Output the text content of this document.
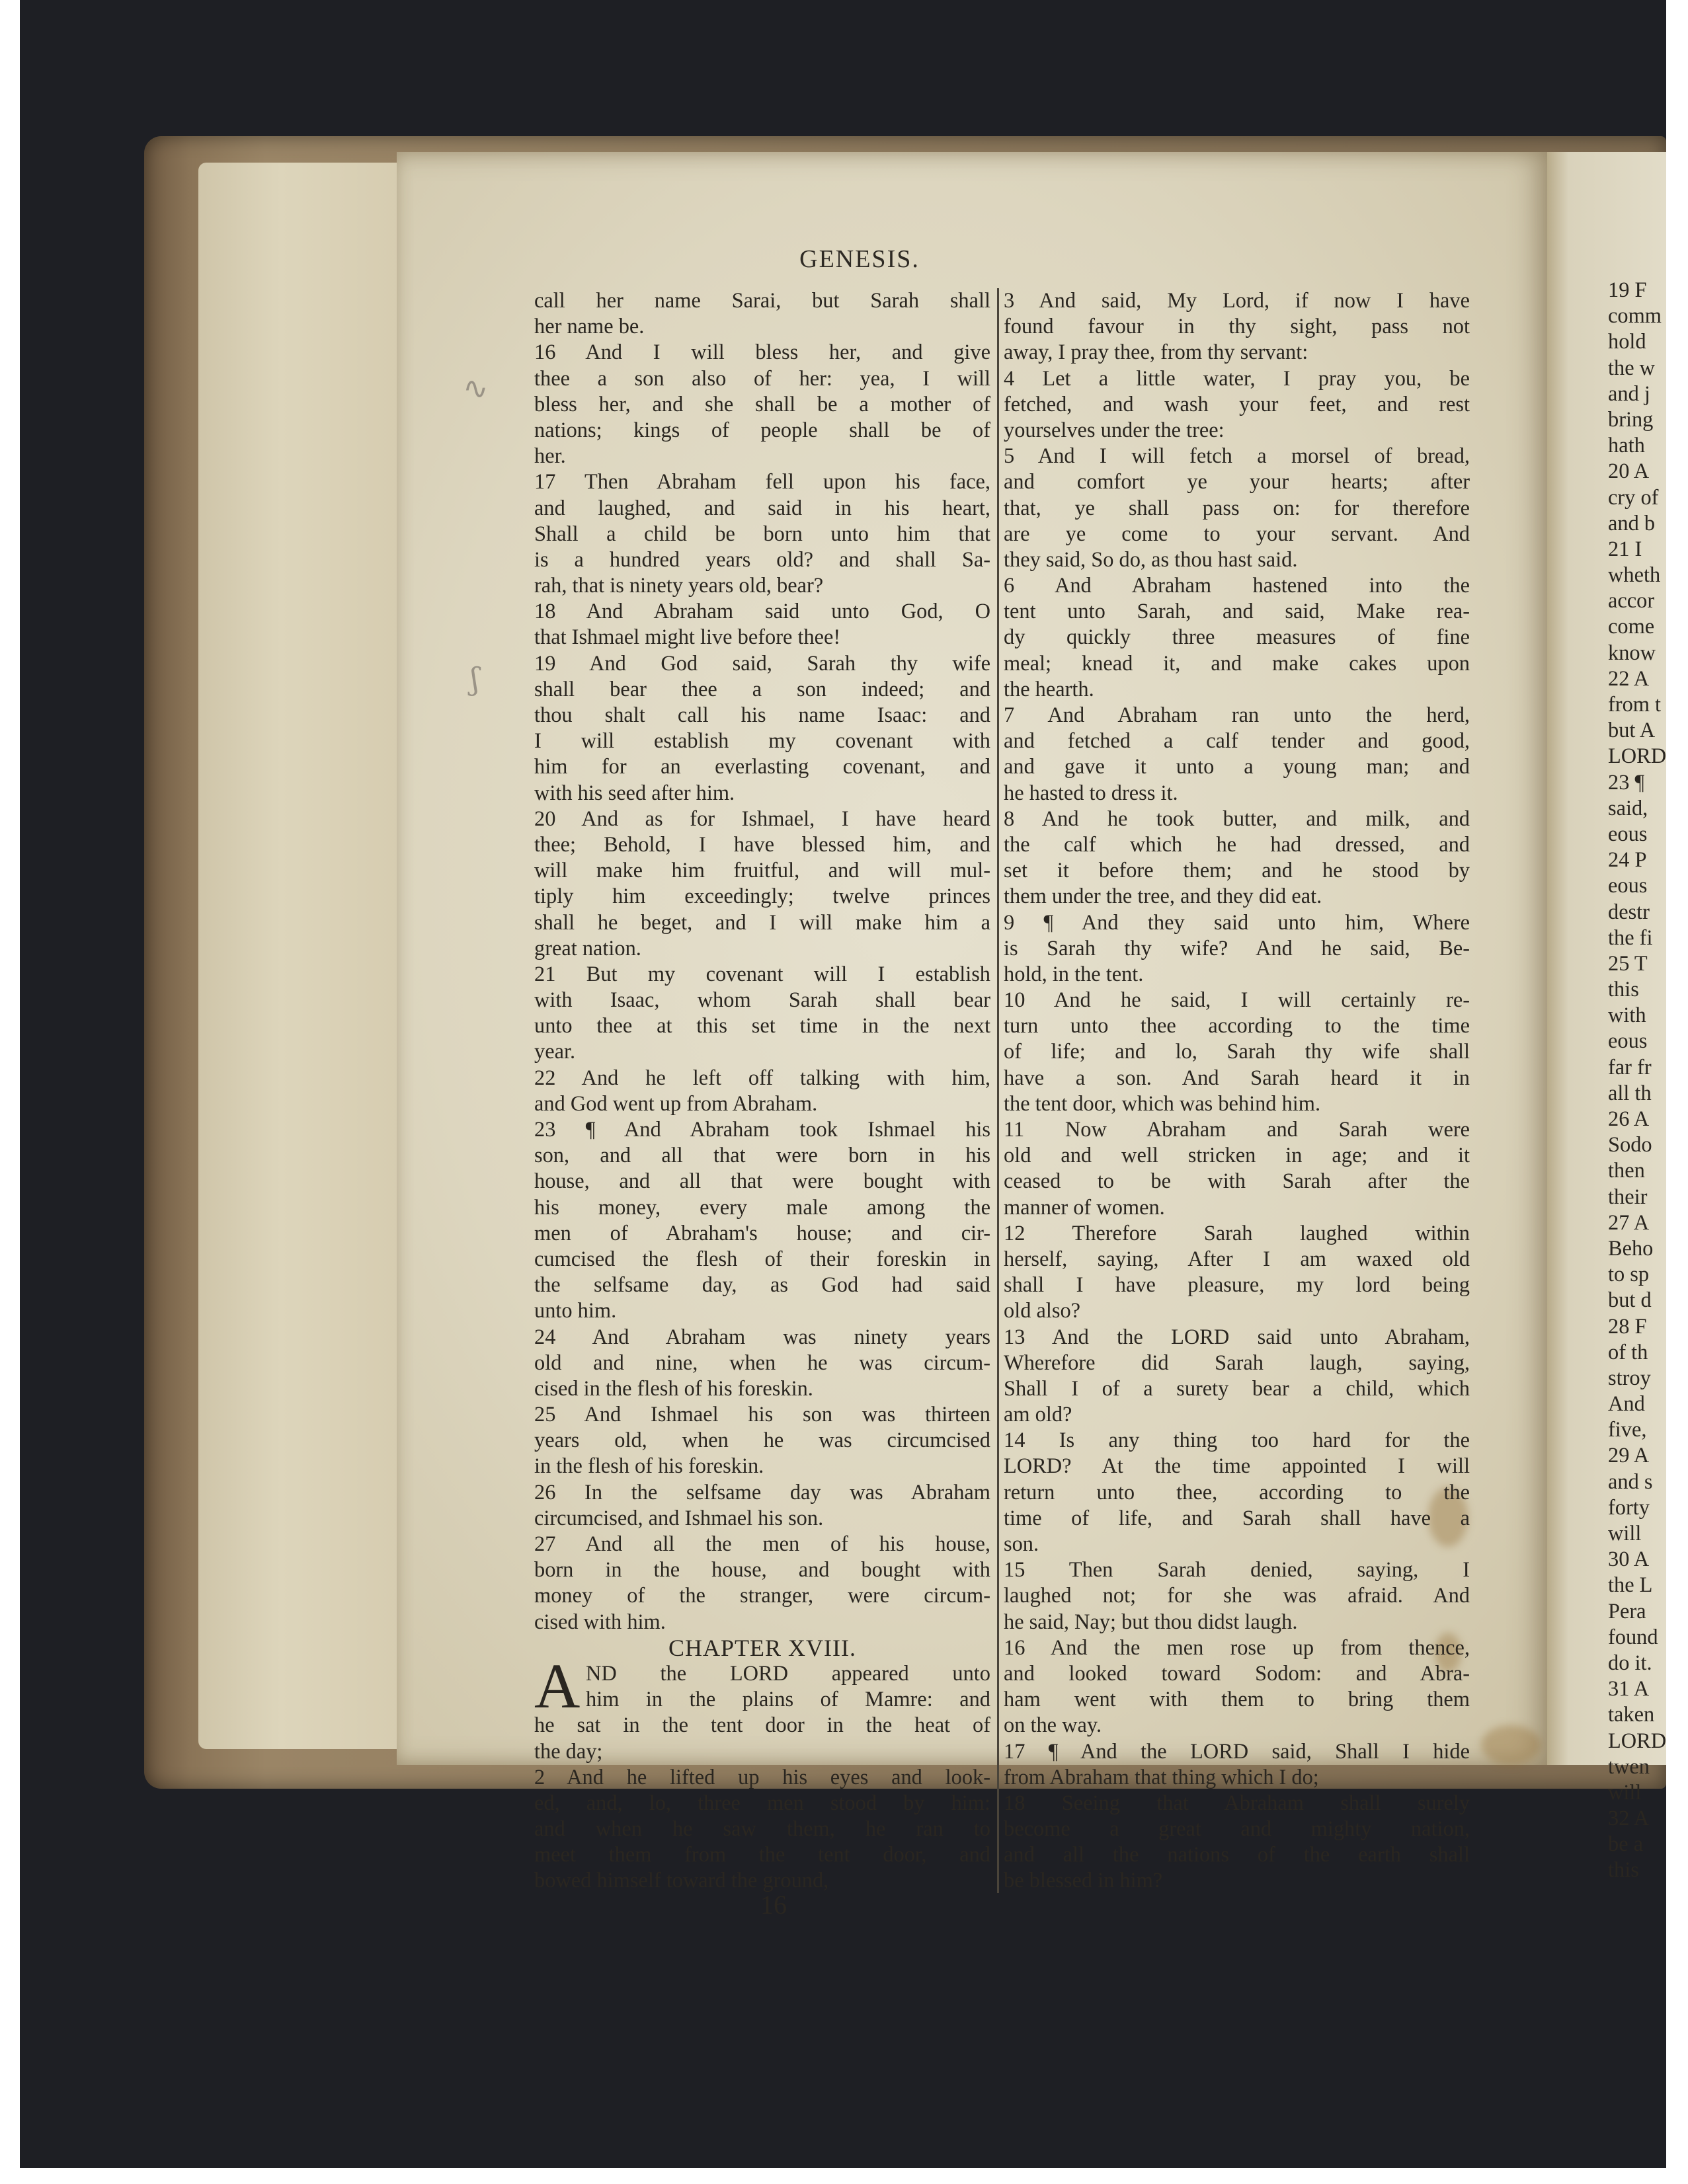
∿
ʃ
GENESIS.
call her name Sarai, but Sarah shall
her name be.
16 And I will bless her, and give
thee a son also of her: yea, I will
bless her, and she shall be a mother of
nations; kings of people shall be of
her.
17 Then Abraham fell upon his face,
and laughed, and said in his heart,
Shall a child be born unto him that
is a hundred years old? and shall Sa-
rah, that is ninety years old, bear?
18 And Abraham said unto God, O
that Ishmael might live before thee!
19 And God said, Sarah thy wife
shall bear thee a son indeed; and
thou shalt call his name Isaac: and
I will establish my covenant with
him for an everlasting covenant, and
with his seed after him.
20 And as for Ishmael, I have heard
thee; Behold, I have blessed him, and
will make him fruitful, and will mul-
tiply him exceedingly; twelve princes
shall he beget, and I will make him a
great nation.
21 But my covenant will I establish
with Isaac, whom Sarah shall bear
unto thee at this set time in the next
year.
22 And he left off talking with him,
and God went up from Abraham.
23 ¶ And Abraham took Ishmael his
son, and all that were born in his
house, and all that were bought with
his money, every male among the
men of Abraham's house; and cir-
cumcised the flesh of their foreskin in
the selfsame day, as God had said
unto him.
24 And Abraham was ninety years
old and nine, when he was circum-
cised in the flesh of his foreskin.
25 And Ishmael his son was thirteen
years old, when he was circumcised
in the flesh of his foreskin.
26 In the selfsame day was Abraham
circumcised, and Ishmael his son.
27 And all the men of his house,
born in the house, and bought with
money of the stranger, were circum-
cised with him.
CHAPTER XVIII.
A ND the LORD appeared unto
him in the plains of Mamre: and
he sat in the tent door in the heat of
the day;
2 And he lifted up his eyes and look-
ed, and, lo, three men stood by him:
and when he saw them, he ran to
meet them from the tent door, and
bowed himself toward the ground,
3 And said, My Lord, if now I have
found favour in thy sight, pass not
away, I pray thee, from thy servant:
4 Let a little water, I pray you, be
fetched, and wash your feet, and rest
yourselves under the tree:
5 And I will fetch a morsel of bread,
and comfort ye your hearts; after
that, ye shall pass on: for therefore
are ye come to your servant. And
they said, So do, as thou hast said.
6 And Abraham hastened into the
tent unto Sarah, and said, Make rea-
dy quickly three measures of fine
meal; knead it, and make cakes upon
the hearth.
7 And Abraham ran unto the herd,
and fetched a calf tender and good,
and gave it unto a young man; and
he hasted to dress it.
8 And he took butter, and milk, and
the calf which he had dressed, and
set it before them; and he stood by
them under the tree, and they did eat.
9 ¶ And they said unto him, Where
is Sarah thy wife? And he said, Be-
hold, in the tent.
10 And he said, I will certainly re-
turn unto thee according to the time
of life; and lo, Sarah thy wife shall
have a son. And Sarah heard it in
the tent door, which was behind him.
11 Now Abraham and Sarah were
old and well stricken in age; and it
ceased to be with Sarah after the
manner of women.
12 Therefore Sarah laughed within
herself, saying, After I am waxed old
shall I have pleasure, my lord being
old also?
13 And the LORD said unto Abraham,
Wherefore did Sarah laugh, saying,
Shall I of a surety bear a child, which
am old?
14 Is any thing too hard for the
LORD? At the time appointed I will
return unto thee, according to the
time of life, and Sarah shall have a
son.
15 Then Sarah denied, saying, I
laughed not; for she was afraid. And
he said, Nay; but thou didst laugh.
16 And the men rose up from thence,
and looked toward Sodom: and Abra-
ham went with them to bring them
on the way.
17 ¶ And the LORD said, Shall I hide
from Abraham that thing which I do;
18 Seeing that Abraham shall surely
become a great and mighty nation,
and all the nations of the earth shall
be blessed in him?
16
19 F
comm
hold
the w
and j
bring
hath
20 A
cry of
and b
21 I
wheth
accor
come
know
22 A
from t
but A
LORD
23 ¶
said,
eous
24 P
eous
destr
the fi
25 T
this
with
eous
far fr
all th
26 A
Sodo
then
their
27 A
Beho
to sp
but d
28 F
of th
stroy
And
five,
29 A
and s
forty
will
30 A
the L
Pera
found
do it.
31 A
taken
LORD
twen
will
32 A
be a
this
